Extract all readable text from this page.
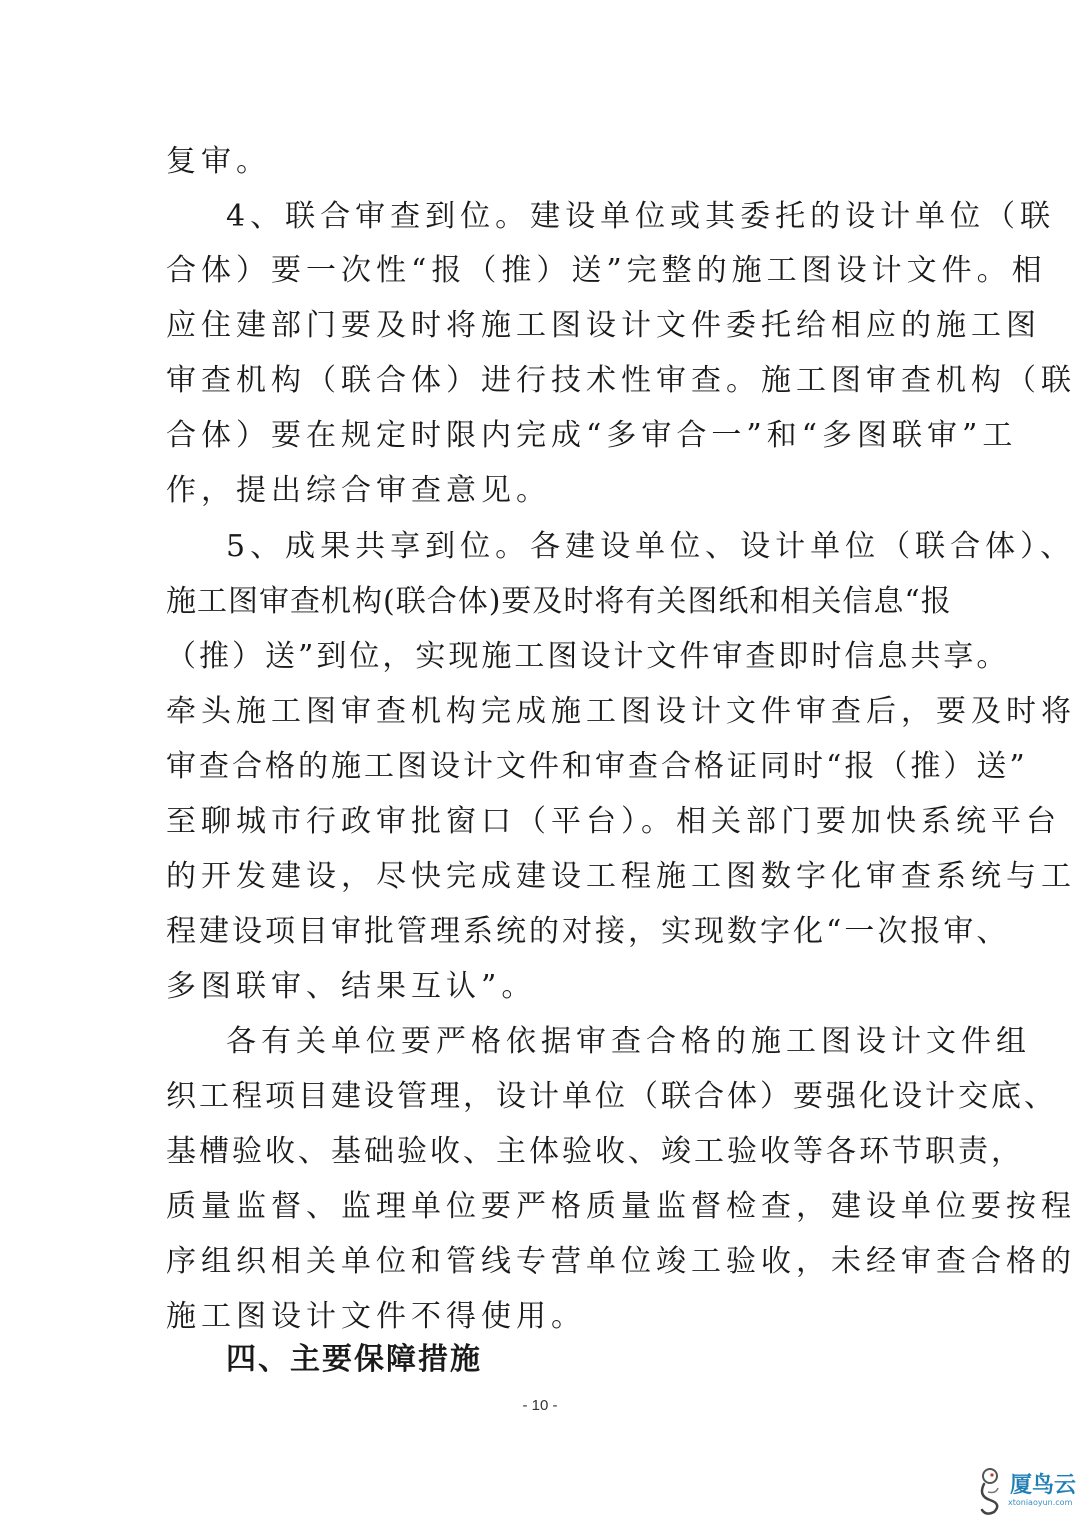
复审。
4、联合审查到位。建设单位或其委托的设计单位（联
合体）要一次性“报（推）送”完整的施工图设计文件。相
应住建部门要及时将施工图设计文件委托给相应的施工图
审查机构（联合体）进行技术性审查。施工图审查机构（联
合体）要在规定时限内完成“多审合一”和“多图联审”工
作，提出综合审查意见。
5、成果共享到位。各建设单位、设计单位（联合体）、
施工图审查机构(联合体)要及时将有关图纸和相关信息“报
（推）送”到位，实现施工图设计文件审查即时信息共享。
牵头施工图审查机构完成施工图设计文件审查后，要及时将
审查合格的施工图设计文件和审查合格证同时“报（推）送”
至聊城市行政审批窗口（平台）。相关部门要加快系统平台
的开发建设，尽快完成建设工程施工图数字化审查系统与工
程建设项目审批管理系统的对接，实现数字化“一次报审、
多图联审、结果互认”。
各有关单位要严格依据审查合格的施工图设计文件组
织工程项目建设管理，设计单位（联合体）要强化设计交底、
基槽验收、基础验收、主体验收、竣工验收等各环节职责，
质量监督、监理单位要严格质量监督检查，建设单位要按程
序组织相关单位和管线专营单位竣工验收，未经审查合格的
施工图设计文件不得使用。
四、主要保障措施
- 10 -
厦鸟云
xtoniaoyun.com
